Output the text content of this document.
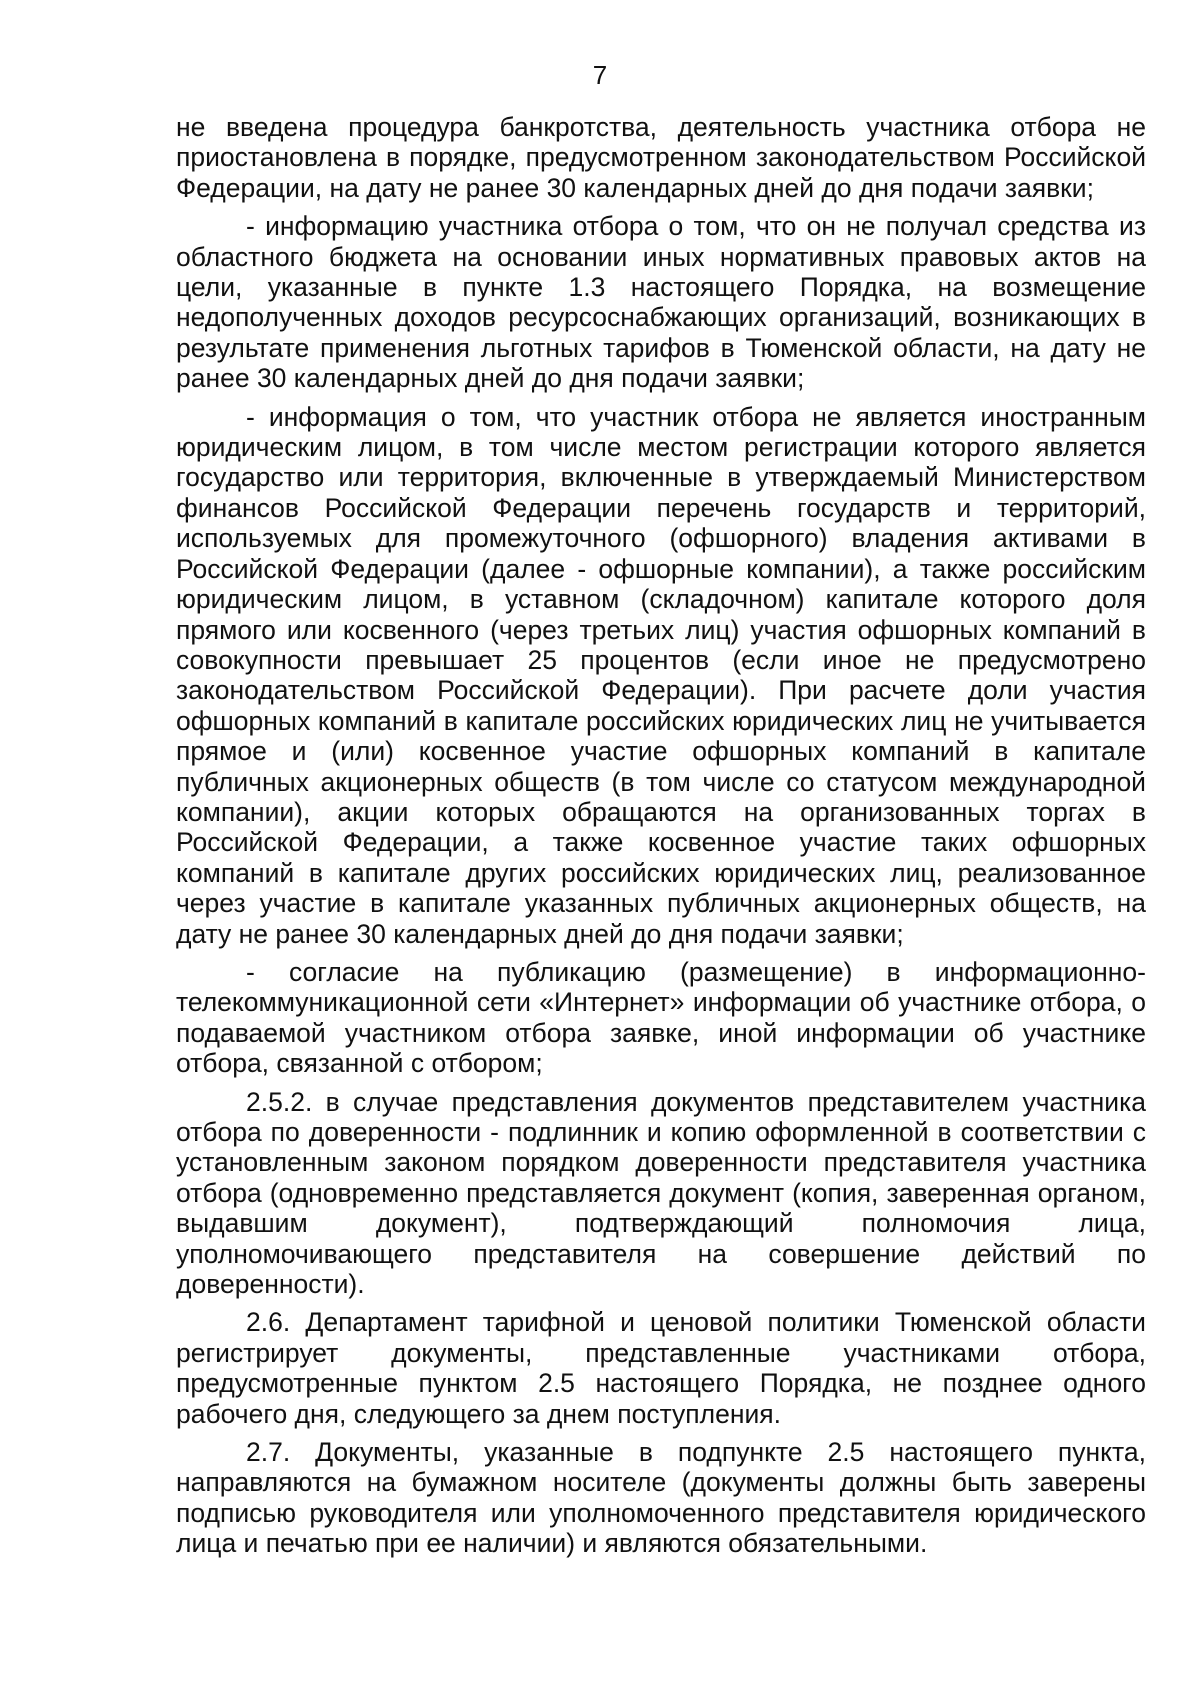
7

не введена процедура банкротства, деятельность участника отбора не приостановлена в порядке, предусмотренном законодательством Российской Федерации, на дату не ранее 30 календарных дней до дня подачи заявки;

- информацию участника отбора о том, что он не получал средства из областного бюджета на основании иных нормативных правовых актов на цели, указанные в пункте 1.3 настоящего Порядка, на возмещение недополученных доходов ресурсоснабжающих организаций, возникающих в результате применения льготных тарифов в Тюменской области, на дату не ранее 30 календарных дней до дня подачи заявки;

- информация о том, что участник отбора не является иностранным юридическим лицом, в том числе местом регистрации которого является государство или территория, включенные в утверждаемый Министерством финансов Российской Федерации перечень государств и территорий, используемых для промежуточного (офшорного) владения активами в Российской Федерации (далее - офшорные компании), а также российским юридическим лицом, в уставном (складочном) капитале которого доля прямого или косвенного (через третьих лиц) участия офшорных компаний в совокупности превышает 25 процентов (если иное не предусмотрено законодательством Российской Федерации). При расчете доли участия офшорных компаний в капитале российских юридических лиц не учитывается прямое и (или) косвенное участие офшорных компаний в капитале публичных акционерных обществ (в том числе со статусом международной компании), акции которых обращаются на организованных торгах в Российской Федерации, а также косвенное участие таких офшорных компаний в капитале других российских юридических лиц, реализованное через участие в капитале указанных публичных акционерных обществ, на дату не ранее 30 календарных дней до дня подачи заявки;

- согласие на публикацию (размещение) в информационно-телекоммуникационной сети «Интернет» информации об участнике отбора, о подаваемой участником отбора заявке, иной информации об участнике отбора, связанной с отбором;

2.5.2. в случае представления документов представителем участника отбора по доверенности - подлинник и копию оформленной в соответствии с установленным законом порядком доверенности представителя участника отбора (одновременно представляется документ (копия, заверенная органом, выдавшим документ), подтверждающий полномочия лица, уполномочивающего представителя на совершение действий по доверенности).

2.6. Департамент тарифной и ценовой политики Тюменской области регистрирует документы, представленные участниками отбора, предусмотренные пунктом 2.5 настоящего Порядка, не позднее одного рабочего дня, следующего за днем поступления.

2.7. Документы, указанные в подпункте 2.5 настоящего пункта, направляются на бумажном носителе (документы должны быть заверены подписью руководителя или уполномоченного представителя юридического лица и печатью при ее наличии) и являются обязательными.
